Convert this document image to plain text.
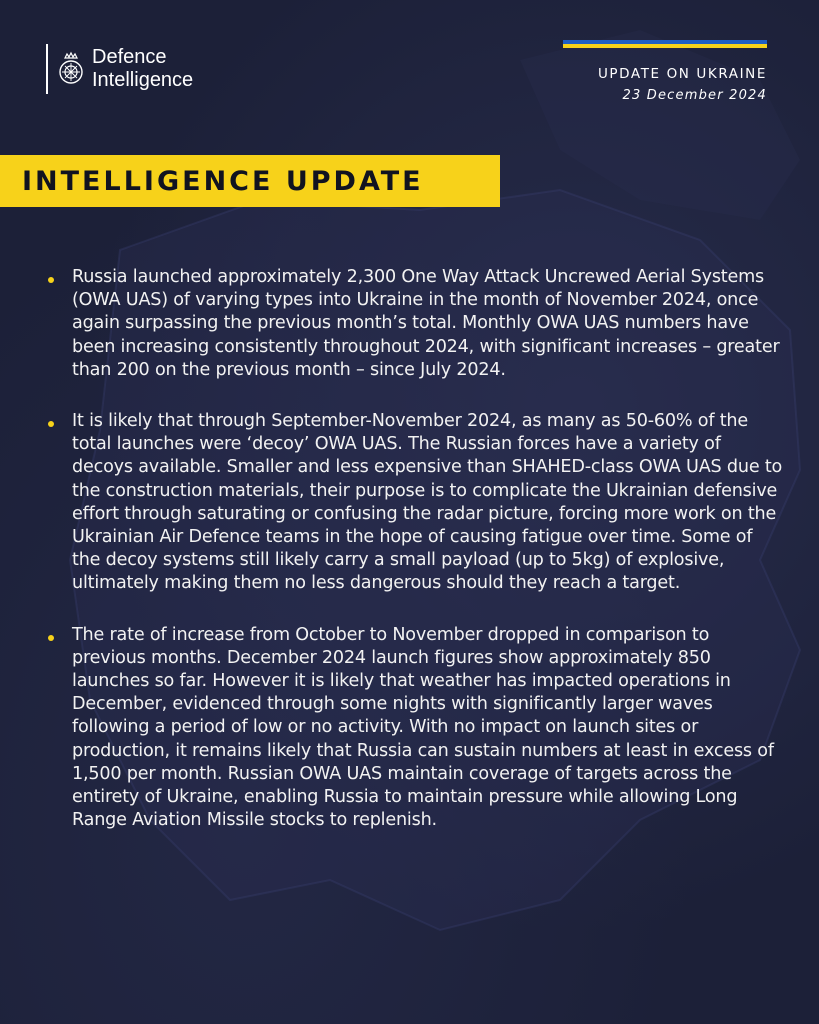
Defence
Intelligence	UPDATE ON UKRAINE
23 December 2024
INTELLIGENCE UPDATE
Russia launched approximately 2,300 One Way Attack Uncrewed Aerial Systems (OWA UAS) of varying types into Ukraine in the month of November 2024, once again surpassing the previous month’s total. Monthly OWA UAS numbers have been increasing consistently throughout 2024, with significant increases – greater than 200 on the previous month – since July 2024.
It is likely that through September-November 2024, as many as 50-60% of the total launches were ‘decoy’ OWA UAS. The Russian forces have a variety of decoys available. Smaller and less expensive than SHAHED-class OWA UAS due to the construction materials, their purpose is to complicate the Ukrainian defensive effort through saturating or confusing the radar picture, forcing more work on the Ukrainian Air Defence teams in the hope of causing fatigue over time. Some of the decoy systems still likely carry a small payload (up to 5kg) of explosive, ultimately making them no less dangerous should they reach a target.
The rate of increase from October to November dropped in comparison to previous months. December 2024 launch figures show approximately 850 launches so far. However it is likely that weather has impacted operations in December, evidenced through some nights with significantly larger waves following a period of low or no activity. With no impact on launch sites or production, it remains likely that Russia can sustain numbers at least in excess of 1,500 per month. Russian OWA UAS maintain coverage of targets across the entirety of Ukraine, enabling Russia to maintain pressure while allowing Long Range Aviation Missile stocks to replenish.
